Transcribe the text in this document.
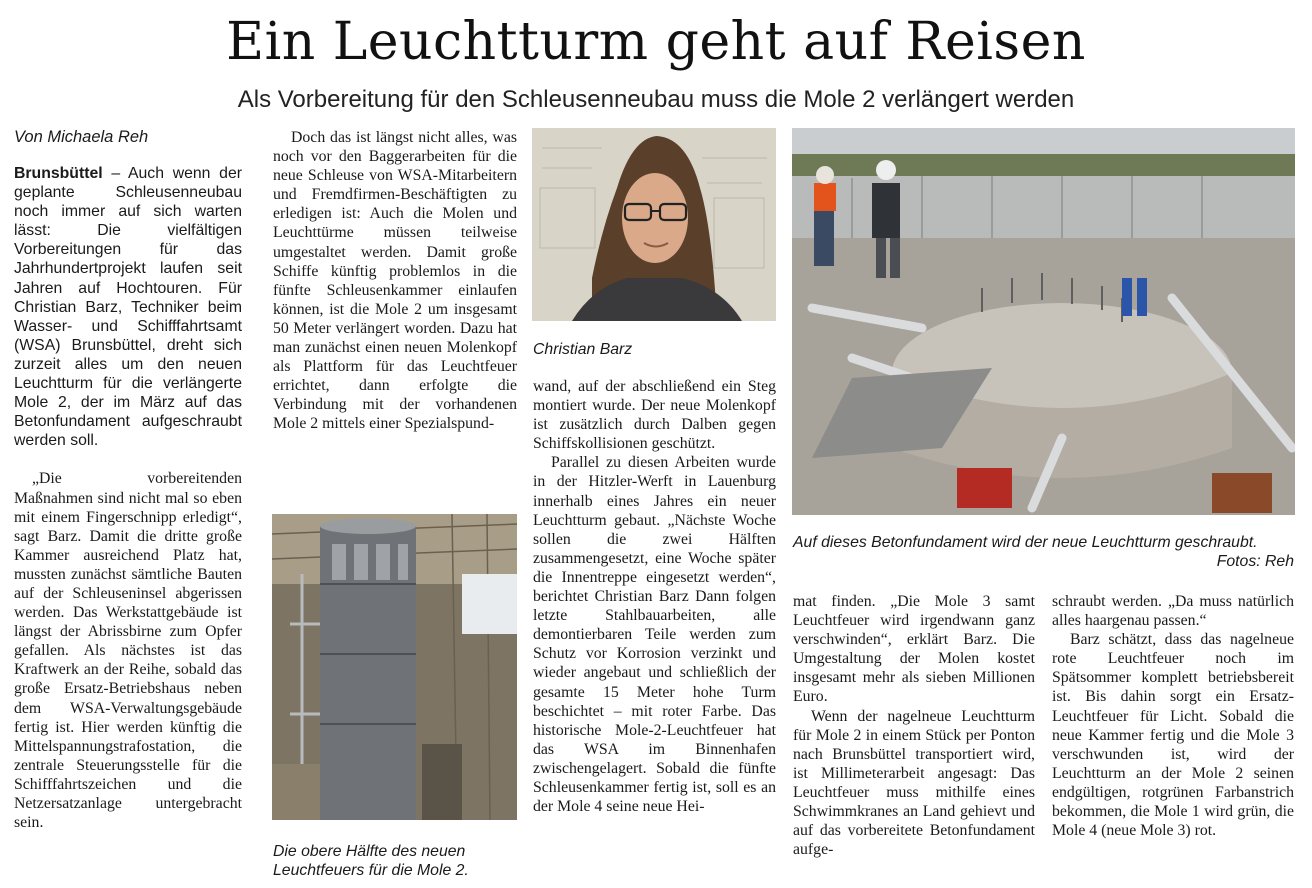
Ein Leuchtturm geht auf Reisen
Als Vorbereitung für den Schleusenneubau muss die Mole 2 verlängert werden
Von Michaela Reh

Brunsbüttel – Auch wenn der geplante Schleusenneubau noch immer auf sich warten lässt: Die vielfältigen Vorbereitungen für das Jahrhundertprojekt laufen seit Jahren auf Hochtouren. Für Christian Barz, Techniker beim Wasser- und Schifffahrtsamt (WSA) Brunsbüttel, dreht sich zurzeit alles um den neuen Leuchtturm für die verlängerte Mole 2, der im März auf das Betonfundament aufgeschraubt werden soll.

„Die vorbereitenden Maßnahmen sind nicht mal so eben mit einem Fingerschnipp erledigt“, sagt Barz. Damit die dritte große Kammer ausreichend Platz hat, mussten zunächst sämtliche Bauten auf der Schleuseninsel abgerissen werden. Das Werkstattgebäude ist längst der Abrissbirne zum Opfer gefallen. Als nächstes ist das Kraftwerk an der Reihe, sobald das große Ersatz-Betriebshaus neben dem WSA-Verwaltungsgebäude fertig ist. Hier werden künftig die Mittelspannungstrafostation, die zentrale Steuerungsstelle für die Schifffahrtszeichen und die Netzersatzanlage untergebracht sein.

Doch das ist längst nicht alles, was noch vor den Baggerarbeiten für die neue Schleuse von WSA-Mitarbeitern und Fremdfirmen-Beschäftigten zu erledigen ist: Auch die Molen und Leuchttürme müssen teilweise umgestaltet werden. Damit große Schiffe künftig problemlos in die fünfte Schleusenkammer einlaufen können, ist die Mole 2 um insgesamt 50 Meter verlängert worden. Dazu hat man zunächst einen neuen Molenkopf als Plattform für das Leuchtfeuer errichtet, dann erfolgte die Verbindung mit der vorhandenen Mole 2 mittels einer Spezialspund-

wand, auf der abschließend ein Steg montiert wurde. Der neue Molenkopf ist zusätzlich durch Dalben gegen Schiffskollisionen geschützt.

Parallel zu diesen Arbeiten wurde in der Hitzler-Werft in Lauenburg innerhalb eines Jahres ein neuer Leuchtturm gebaut. „Nächste Woche sollen die zwei Hälften zusammengesetzt, eine Woche später die Innentreppe eingesetzt werden“, berichtet Christian Barz Dann folgen letzte Stahlbauarbeiten, alle demontierbaren Teile werden zum Schutz vor Korrosion verzinkt und wieder angebaut und schließlich der gesamte 15 Meter hohe Turm beschichtet – mit roter Farbe. Das historische Mole-2-Leuchtfeuer hat das WSA im Binnenhafen zwischengelagert. Sobald die fünfte Schleusenkammer fertig ist, soll es an der Mole 4 seine neue Hei-

mat finden. „Die Mole 3 samt Leuchtfeuer wird irgendwann ganz verschwinden“, erklärt Barz. Die Umgestaltung der Molen kostet insgesamt mehr als sieben Millionen Euro.

Wenn der nagelneue Leuchtturm für Mole 2 in einem Stück per Ponton nach Brunsbüttel transportiert wird, ist Millimeterarbeit angesagt: Das Leuchtfeuer muss mithilfe eines Schwimmkranes an Land gehievt und auf das vorbereitete Betonfundament aufge-

schraubt werden. „Da muss natürlich alles haargenau passen.“

Barz schätzt, dass das nagelneue rote Leuchtfeuer noch im Spätsommer komplett betriebsbereit ist. Bis dahin sorgt ein Ersatz-Leuchtfeuer für Licht. Sobald die neue Kammer fertig und die Mole 3 verschwunden ist, wird der Leuchtturm an der Mole 2 seinen endgültigen, rotgrünen Farbanstrich bekommen, die Mole 1 wird grün, die Mole 4 (neue Mole 3) rot.

Christian Barz
Die obere Hälfte des neuen Leuchtfeuers für die Mole 2.
Auf dieses Betonfundament wird der neue Leuchtturm geschraubt.
Fotos: Reh
